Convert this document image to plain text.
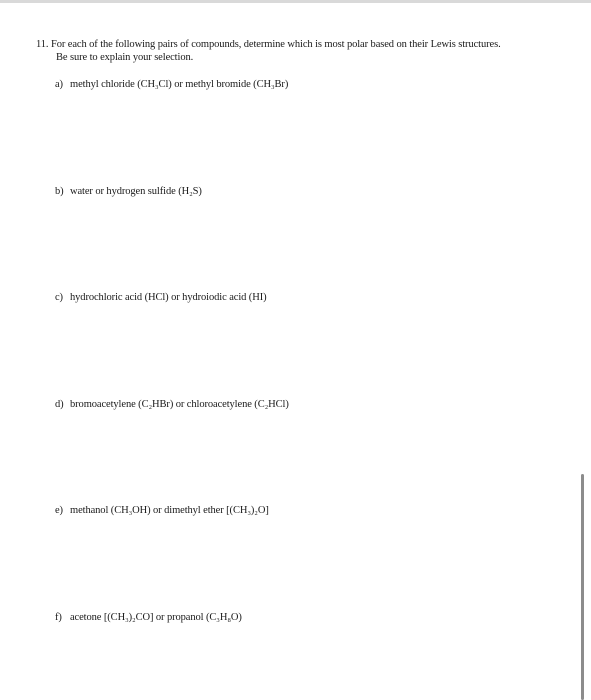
11. For each of the following pairs of compounds, determine which is most polar based on their Lewis structures.
Be sure to explain your selection.
a) methyl chloride (CH₃Cl) or methyl bromide (CH₃Br)
b) water or hydrogen sulfide (H₂S)
c) hydrochloric acid (HCl) or hydroiodic acid (HI)
d) bromoacetylene (C₂HBr) or chloroacetylene (C₂HCl)
e) methanol (CH₃OH) or dimethyl ether [(CH₃)₂O]
f) acetone [(CH₃)₂CO] or propanol (C₃H₈O)
